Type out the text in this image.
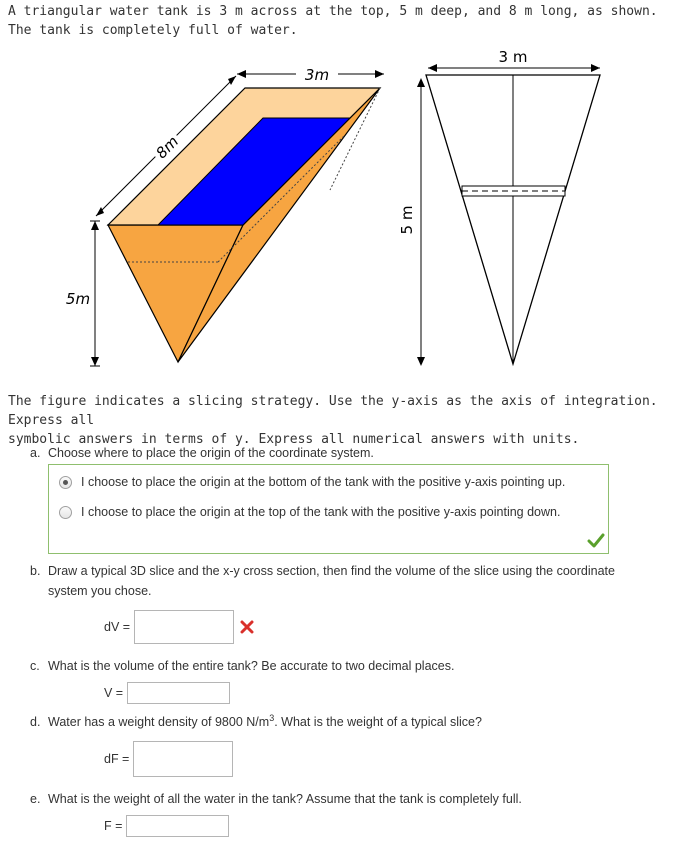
A triangular water tank is 3 m across at the top, 5 m deep, and 8 m long, as shown. The tank is completely full of water.
8m
3m
5m
3 m
5 m
The figure indicates a slicing strategy. Use the y-axis as the axis of integration. Express all
symbolic answers in terms of y. Express all numerical answers with units.
a. Choose where to place the origin of the coordinate system.
I choose to place the origin at the bottom of the tank with the positive y-axis pointing up.
I choose to place the origin at the top of the tank with the positive y-axis pointing down.
b. Draw a typical 3D slice and the x-y cross section, then find the volume of the slice using the coordinate
system you chose.
dV =
c. What is the volume of the entire tank? Be accurate to two decimal places.
V =
d. Water has a weight density of 9800 $N/m^3$. What is the weight of a typical slice?
dF =
e. What is the weight of all the water in the tank? Assume that the tank is completely full.
F =
